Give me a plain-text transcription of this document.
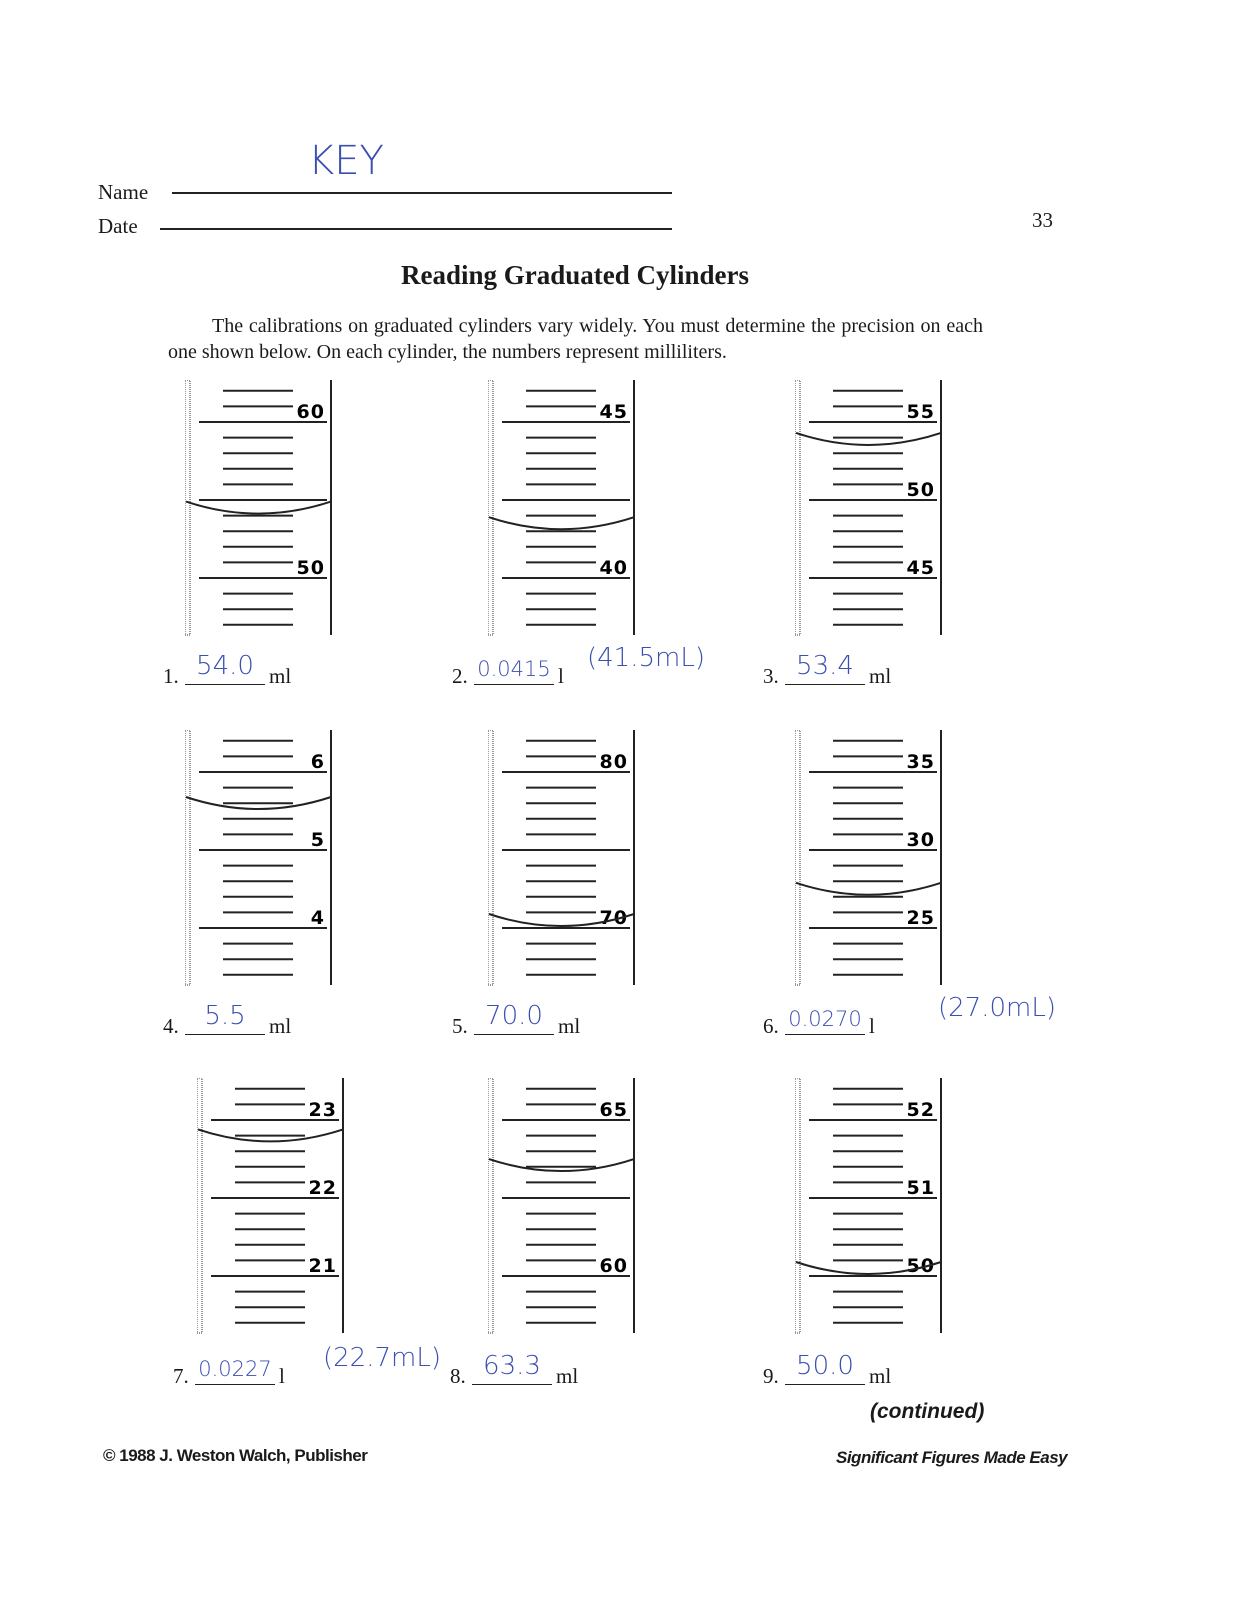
Name
KEY
Date	33
Reading Graduated Cylinders
The calibrations on graduated cylinders vary widely. You must determine the precision on each one shown below. On each cylinder, the numbers represent milliliters.
60
50
1. 54.0 ml
45
40
2. 0.0415 l
(41.5mL)
55
50
45
3. 53.4 ml
6
5
4
4. 5.5	ml
80
70
5. 70.0 ml
35
30
25
6. 0.0270 l
(27.0mL)
23
22
21
7. 0.0227 l
(22.7mL)
65
60
8. 63.3 ml
52
51
50
9. 50.0 ml
(continued)
© 1988 J. Weston Walch, Publisher	Significant Figures Made Easy
